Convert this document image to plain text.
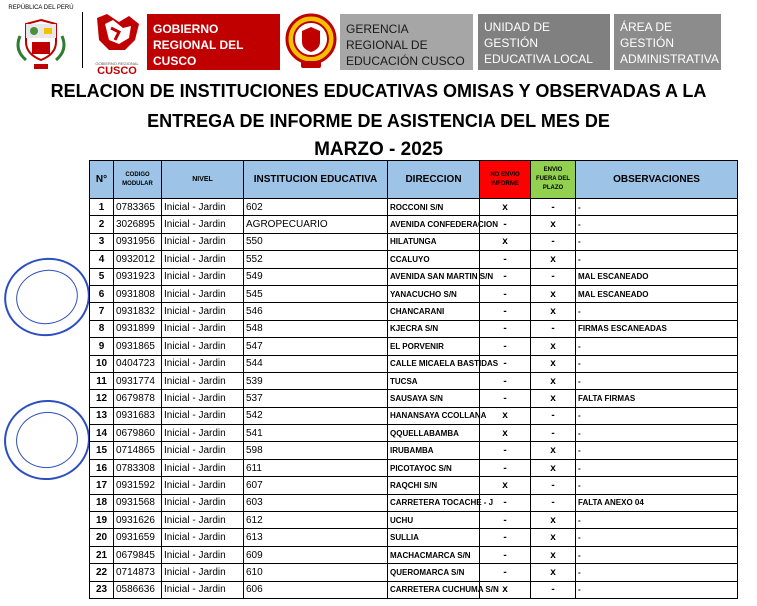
REPÚBLICA DEL PERÚ
GOBIERNO REGIONAL
CUSCO
GOBIERNO REGIONAL DEL CUSCO
GERENCIA REGIONAL DE EDUCACIÓN CUSCO
UNIDAD DE GESTIÓN EDUCATIVA LOCAL CANCHIS
ÁREA DE GESTIÓN ADMINISTRATIVA
RELACION DE INSTITUCIONES EDUCATIVAS OMISAS Y OBSERVADAS A LA
ENTREGA DE INFORME DE ASISTENCIA DEL MES DE
MARZO - 2025
N°	CODIGO MODULAR	NIVEL	INSTITUCION EDUCATIVA	DIRECCION	NO ENVIO INFORME	ENVIO FUERA DEL PLAZO	OBSERVACIONES
1	0783365	Inicial - Jardin	602	ROCCONI S/N	x	-	-
2	3026895	Inicial - Jardin	AGROPECUARIO	AVENIDA CONFEDERACION	-	x	-
3	0931956	Inicial - Jardin	550	HILATUNGA	x	-	-
4	0932012	Inicial - Jardin	552	CCALUYO	-	x	-
5	0931923	Inicial - Jardin	549	AVENIDA SAN MARTIN S/N	-	-	MAL ESCANEADO
6	0931808	Inicial - Jardin	545	YANACUCHO S/N	-	x	MAL ESCANEADO
7	0931832	Inicial - Jardin	546	CHANCARANI	-	x	-
8	0931899	Inicial - Jardin	548	KJECRA S/N	-	-	FIRMAS ESCANEADAS
9	0931865	Inicial - Jardin	547	EL PORVENIR	-	x	-
10	0404723	Inicial - Jardin	544	CALLE MICAELA BASTIDAS	-	x	-
11	0931774	Inicial - Jardin	539	TUCSA	-	x	-
12	0679878	Inicial - Jardin	537	SAUSAYA S/N	-	x	FALTA FIRMAS
13	0931683	Inicial - Jardin	542	HANANSAYA CCOLLANA	x	-	-
14	0679860	Inicial - Jardin	541	QQUELLABAMBA	x	-	-
15	0714865	Inicial - Jardin	598	IRUBAMBA	-	x	-
16	0783308	Inicial - Jardin	611	PICOTAYOC S/N	-	x	-
17	0931592	Inicial - Jardin	607	RAQCHI S/N	x	-	-
18	0931568	Inicial - Jardin	603	CARRETERA TOCACHE - J	-	-	FALTA ANEXO 04
19	0931626	Inicial - Jardin	612	UCHU	-	x	-
20	0931659	Inicial - Jardin	613	SULLIA	-	x	-
21	0679845	Inicial - Jardin	609	MACHACMARCA S/N	-	x	-
22	0714873	Inicial - Jardin	610	QUEROMARCA S/N	-	x	-
23	0586636	Inicial - Jardin	606	CARRETERA CUCHUMA S/N	x	-	-
